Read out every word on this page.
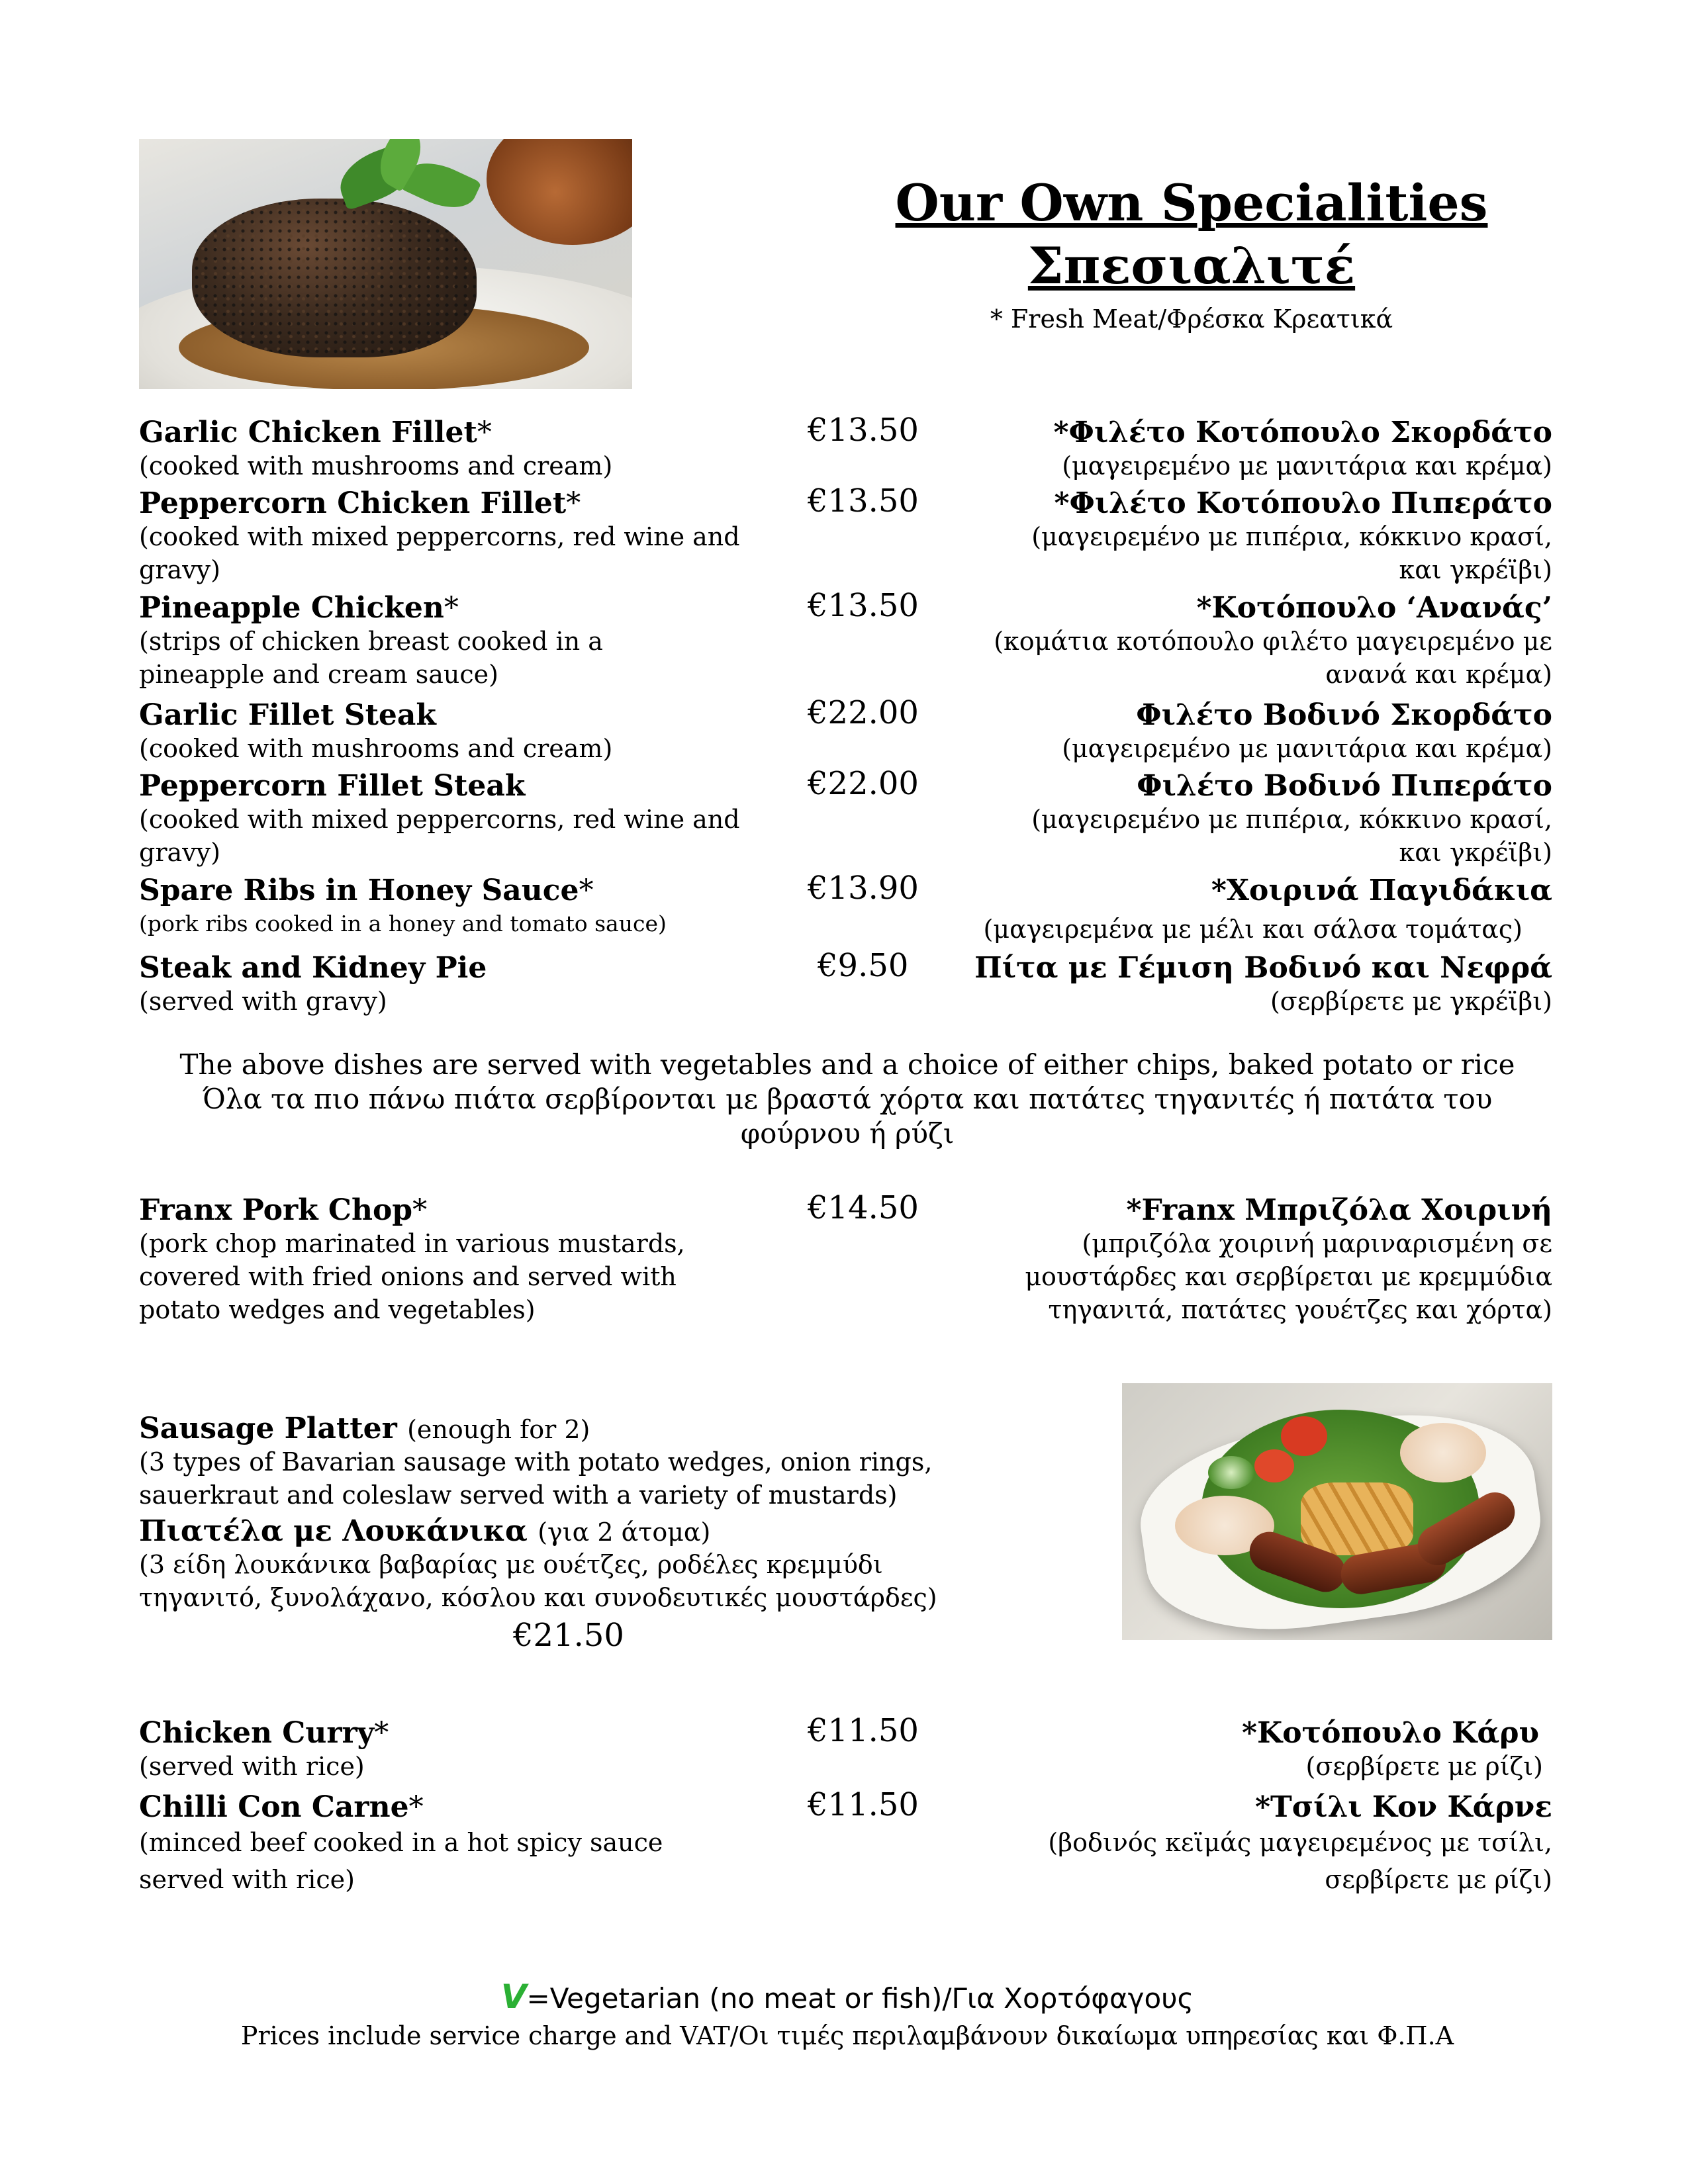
Our Own Specialities
Σπεσιαλιτέ
* Fresh Meat/Φρέσκα Κρεατικά
Garlic Chicken Fillet*
(cooked with mushrooms and cream)
€13.50	*Φιλέτο Κοτόπουλο Σκορδάτο
(μαγειρεμένο με μανιτάρια και κρέμα)
Peppercorn Chicken Fillet*
(cooked with mixed peppercorns, red wine and gravy)
€13.50	*Φιλέτο Κοτόπουλο Πιπεράτο
(μαγειρεμένο με πιπέρια, κόκκινο κρασί, και γκρέϊβι)
Pineapple Chicken*
(strips of chicken breast cooked in a pineapple and cream sauce)
€13.50	*Κοτόπουλο ‘Ανανάς’
(κομάτια κοτόπουλο φιλέτο μαγειρεμένο με ανανά και κρέμα)
Garlic Fillet Steak
(cooked with mushrooms and cream)
€22.00	Φιλέτο Βοδινό Σκορδάτο
(μαγειρεμένο με μανιτάρια και κρέμα)
Peppercorn Fillet Steak
(cooked with mixed peppercorns, red wine and gravy)
€22.00	Φιλέτο Βοδινό Πιπεράτο
(μαγειρεμένο με πιπέρια, κόκκινο κρασί, και γκρέϊβι)
Spare Ribs in Honey Sauce*
(pork ribs cooked in a honey and tomato sauce)
€13.90	*Χοιρινά Παγιδάκια
(μαγειρεμένα με μέλι και σάλσα τομάτας)
Steak and Kidney Pie
(served with gravy)
€9.50	Πίτα με Γέμιση Βοδινό και Νεφρά
(σερβίρετε με γκρέϊβι)
The above dishes are served with vegetables and a choice of either chips, baked potato or rice
Όλα τα πιο πάνω πιάτα σερβίρονται με βραστά χόρτα και πατάτες τηγανιτές ή πατάτα του φούρνου ή ρύζι
Franx Pork Chop*
(pork chop marinated in various mustards, covered with fried onions and served with potato wedges and vegetables)
€14.50	*Franx Μπριζόλα Χοιρινή
(μπριζόλα χοιρινή μαριναρισμένη σε μουστάρδες και σερβίρεται με κρεμμύδια τηγανιτά, πατάτες γουέτζες και χόρτα)
Sausage Platter (enough for 2)
(3 types of Bavarian sausage with potato wedges, onion rings, sauerkraut and coleslaw served with a variety of mustards)
Πιατέλα με Λουκάνικα (για 2 άτομα)
(3 είδη λουκάνικα βαβαρίας με ουέτζες, ροδέλες κρεμμύδι τηγανιτό, ξυνολάχανο, κόσλου και συνοδευτικές μουστάρδες)
€21.50
Chicken Curry*
(served with rice)
€11.50	*Κοτόπουλο Κάρυ
(σερβίρετε με ρίζι)
Chilli Con Carne*
(minced beef cooked in a hot spicy sauce served with rice)
€11.50	*Τσίλι Κον Κάρνε
(βοδινός κεϊμάς μαγειρεμένος με τσίλι, σερβίρετε με ρίζι)
V=Vegetarian (no meat or fish)/Για Χορτόφαγους
Prices include service charge and VAT/Οι τιμές περιλαμβάνουν δικαίωμα υπηρεσίας και Φ.Π.Α
